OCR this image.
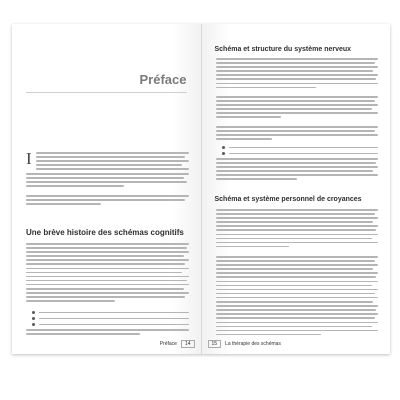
Préface
I
Une brève histoire des schémas cognitifs
Préface	14
Schéma et structure du système nerveux
Schéma et système personnel de croyances
15	La thérapie des schémas
